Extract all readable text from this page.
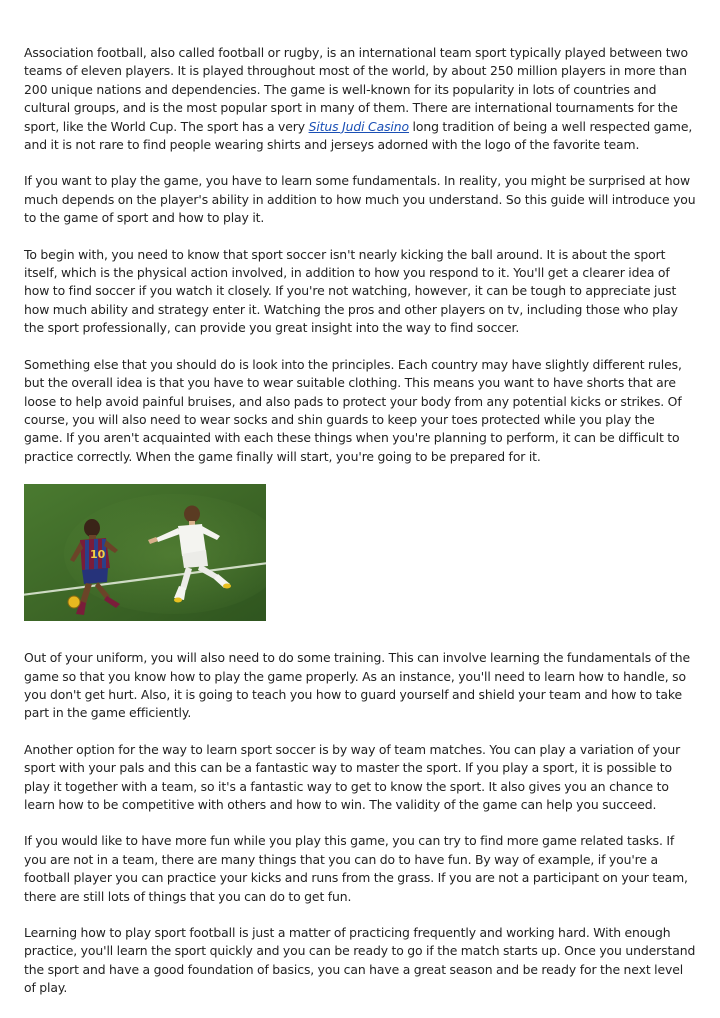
Association football, also called football or rugby, is an international team sport typically played between two teams of eleven players. It is played throughout most of the world, by about 250 million players in more than 200 unique nations and dependencies. The game is well-known for its popularity in lots of countries and cultural groups, and is the most popular sport in many of them. There are international tournaments for the sport, like the World Cup. The sport has a very Situs Judi Casino long tradition of being a well respected game, and it is not rare to find people wearing shirts and jerseys adorned with the logo of the favorite team.

If you want to play the game, you have to learn some fundamentals. In reality, you might be surprised at how much depends on the player's ability in addition to how much you understand. So this guide will introduce you to the game of sport and how to play it.

To begin with, you need to know that sport soccer isn't nearly kicking the ball around. It is about the sport itself, which is the physical action involved, in addition to how you respond to it. You'll get a clearer idea of how to find soccer if you watch it closely. If you're not watching, however, it can be tough to appreciate just how much ability and strategy enter it. Watching the pros and other players on tv, including those who play the sport professionally, can provide you great insight into the way to find soccer.

Something else that you should do is look into the principles. Each country may have slightly different rules, but the overall idea is that you have to wear suitable clothing. This means you want to have shorts that are loose to help avoid painful bruises, and also pads to protect your body from any potential kicks or strikes. Of course, you will also need to wear socks and shin guards to keep your toes protected while you play the game. If you aren't acquainted with each these things when you're planning to perform, it can be difficult to practice correctly. When the game finally will start, you're going to be prepared for it.

10

Out of your uniform, you will also need to do some training. This can involve learning the fundamentals of the game so that you know how to play the game properly. As an instance, you'll need to learn how to handle, so you don't get hurt. Also, it is going to teach you how to guard yourself and shield your team and how to take part in the game efficiently.

Another option for the way to learn sport soccer is by way of team matches. You can play a variation of your sport with your pals and this can be a fantastic way to master the sport. If you play a sport, it is possible to play it together with a team, so it's a fantastic way to get to know the sport. It also gives you an chance to learn how to be competitive with others and how to win. The validity of the game can help you succeed.

If you would like to have more fun while you play this game, you can try to find more game related tasks. If you are not in a team, there are many things that you can do to have fun. By way of example, if you're a football player you can practice your kicks and runs from the grass. If you are not a participant on your team, there are still lots of things that you can do to get fun.

Learning how to play sport football is just a matter of practicing frequently and working hard. With enough practice, you'll learn the sport quickly and you can be ready to go if the match starts up. Once you understand the sport and have a good foundation of basics, you can have a great season and be ready for the next level of play.
